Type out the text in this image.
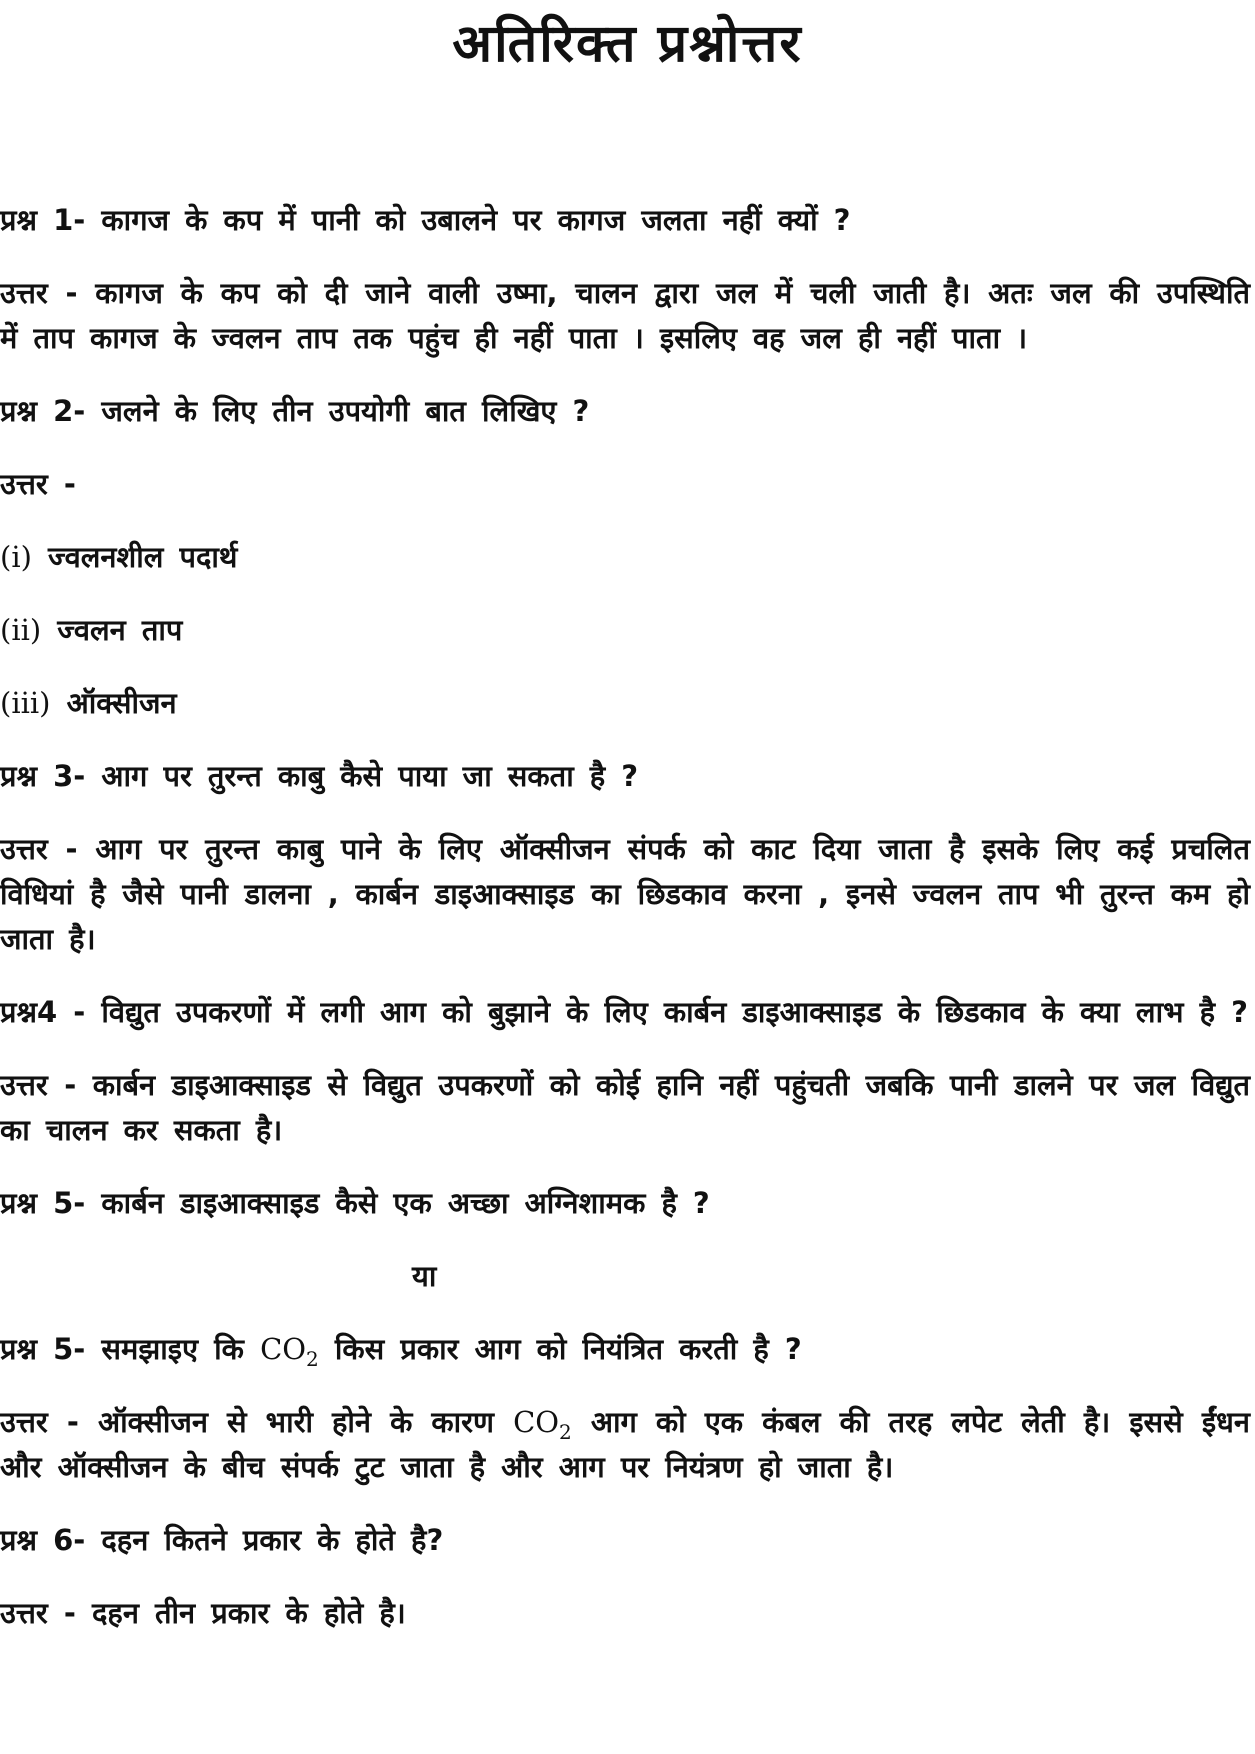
अतिरिक्त प्रश्नोत्तर

प्रश्न 1- कागज के कप में पानी को उबालने पर कागज जलता नहीं क्यों ?

उत्तर - कागज के कप को दी जाने वाली उष्मा, चालन द्वारा जल में चली जाती है। अतः जल की उपस्थिति में ताप कागज के ज्वलन ताप तक पहुंच ही नहीं पाता । इसलिए वह जल ही नहीं पाता ।

प्रश्न 2- जलने के लिए तीन उपयोगी बात लिखिए ?

उत्तर -

(i) ज्वलनशील पदार्थ

(ii) ज्वलन ताप

(iii) ऑक्सीजन

प्रश्न 3- आग पर तुरन्त काबु कैसे पाया जा सकता है ?

उत्तर - आग पर तुरन्त काबु पाने के लिए ऑक्सीजन संपर्क को काट दिया जाता है इसके लिए कई प्रचलित विधियां है जैसे पानी डालना , कार्बन डाइआक्साइड का छिडकाव करना , इनसे ज्वलन ताप भी तुरन्त कम हो जाता है।

प्रश्न4 - विद्युत उपकरणों में लगी आग को बुझाने के लिए कार्बन डाइआक्साइड के छिडकाव के क्या लाभ है ?

उत्तर - कार्बन डाइआक्साइड से विद्युत उपकरणों को कोई हानि नहीं पहुंचती जबकि पानी डालने पर जल विद्युत का चालन कर सकता है।

प्रश्न 5- कार्बन डाइआक्साइड कैसे एक अच्छा अग्निशामक है ?

या

प्रश्न 5- समझाइए कि $CO_2$ किस प्रकार आग को नियंत्रित करती है ?

उत्तर - ऑक्सीजन से भारी होने के कारण $CO_2$ आग को एक कंबल की तरह लपेट लेती है। इससे ईंधन और ऑक्सीजन के बीच संपर्क टुट जाता है और आग पर नियंत्रण हो जाता है।

प्रश्न 6- दहन कितने प्रकार के होते है?

उत्तर - दहन तीन प्रकार के होते है।
